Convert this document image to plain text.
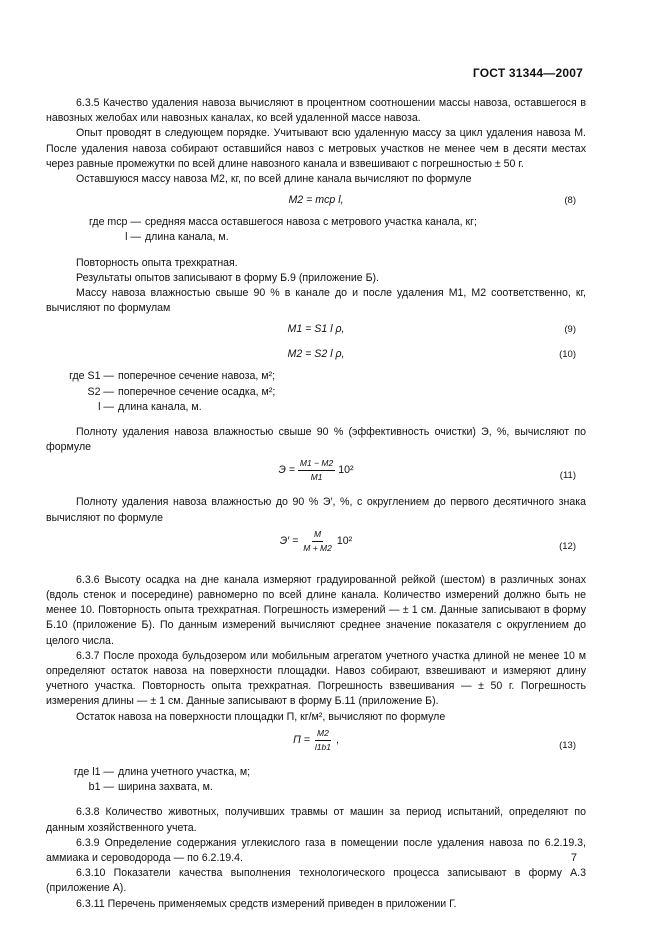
ГОСТ 31344—2007

6.3.5 Качество удаления навоза вычисляют в процентном соотношении массы навоза, оставшегося в навозных желобах или навозных каналах, ко всей удаленной массе навоза.

Опыт проводят в следующем порядке. Учитывают всю удаленную массу за цикл удаления навоза М. После удаления навоза собирают оставшийся навоз с метровых участков не менее чем в десяти местах через равные промежутки по всей длине навозного канала и взвешивают с погрешностью ± 50 г.

Оставшуюся массу навоза М2, кг, по всей длине канала вычисляют по формуле

M2 = mcp l,	(8)
где mср — средняя масса оставшегося навоза с метрового участка канала, кг;
l — длина канала, м.

Повторность опыта трехкратная.

Результаты опытов записывают в форму Б.9 (приложение Б).

Массу навоза влажностью свыше 90 % в канале до и после удаления М1, М2 соответственно, кг, вычисляют по формулам

M1 = S1 l ρ,	(9)
M2 = S2 l ρ,	(10)
где S1 — поперечное сечение навоза, м²;
S2 — поперечное сечение осадка, м²;
l — длина канала, м.

Полноту удаления навоза влажностью свыше 90 % (эффективность очистки) Э, %, вычисляют по формуле

$Э = \frac{M1 - M2}{M1} 10^2$	(11)

Полноту удаления навоза влажностью до 90 % Э′, %, с округлением до первого десятичного знака вычисляют по формуле

$Э' = \frac{M}{M + M2} 10^2$	(12)

6.3.6 Высоту осадка на дне канала измеряют градуированной рейкой (шестом) в различных зонах (вдоль стенок и посередине) равномерно по всей длине канала. Количество измерений должно быть не менее 10. Повторность опыта трехкратная. Погрешность измерений — ± 1 см. Данные записывают в форму Б.10 (приложение Б). По данным измерений вычисляют среднее значение показателя с округлением до целого числа.

6.3.7 После прохода бульдозером или мобильным агрегатом учетного участка длиной не менее 10 м определяют остаток навоза на поверхности площадки. Навоз собирают, взвешивают и измеряют длину учетного участка. Повторность опыта трехкратная. Погрешность взвешивания — ± 50 г. Погрешность измерения длины — ± 1 см. Данные записывают в форму Б.11 (приложение Б).

Остаток навоза на поверхности площадки П, кг/м², вычисляют по формуле

$П = \frac{M2}{l1b1}$ ,	(13)
где l1 — длина учетного участка, м;
b1 — ширина захвата, м.

6.3.8 Количество животных, получивших травмы от машин за период испытаний, определяют по данным хозяйственного учета.

6.3.9 Определение содержания углекислого газа в помещении после удаления навоза по 6.2.19.3, аммиака и сероводорода — по 6.2.19.4.

6.3.10 Показатели качества выполнения технологического процесса записывают в форму А.3 (приложение А).

6.3.11 Перечень применяемых средств измерений приведен в приложении Г.

7
